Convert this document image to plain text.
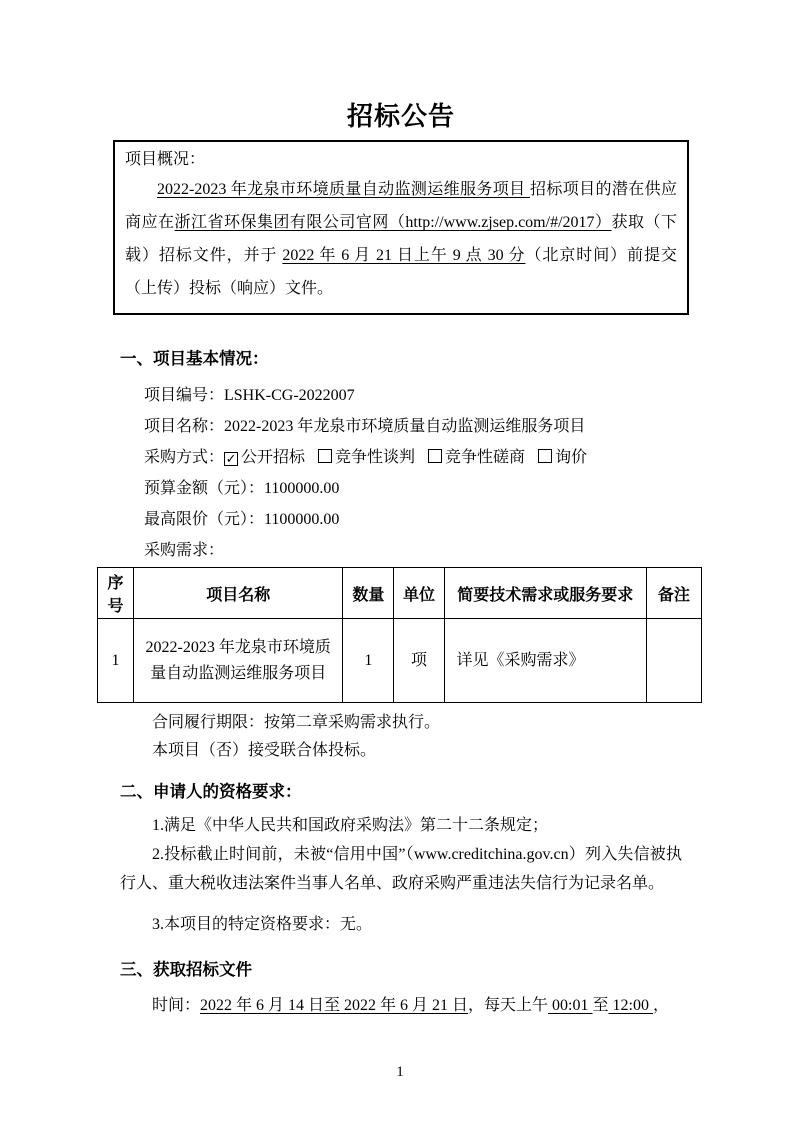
招标公告
项目概况：

2022-2023 年龙泉市环境质量自动监测运维服务项目 招标项目的潜在供应商应在浙江省环保集团有限公司官网（http://www.zjsep.com/#/2017）获取（下载）招标文件，并于 2022 年 6 月 21 日上午 9 点 30 分（北京时间）前提交（上传）投标（响应）文件。

一、项目基本情况：
项目编号：LSHK-CG-2022007
项目名称：2022-2023 年龙泉市环境质量自动监测运维服务项目
采购方式： ✓ 公开招标 竞争性谈判 竞争性磋商 询价
预算金额（元）：1100000.00
最高限价（元）：1100000.00
采购需求：
序号	项目名称	数量	单位	简要技术需求或服务要求	备注
1	2022-2023 年龙泉市环境质量自动监测运维服务项目	1	项	详见《采购需求》	
合同履行期限：按第二章采购需求执行。
本项目（否）接受联合体投标。
二、申请人的资格要求：

1.满足《中华人民共和国政府采购法》第二十二条规定；

2.投标截止时间前，未被“信用中国”（www.creditchina.gov.cn）列入失信被执行人、重大税收违法案件当事人名单、政府采购严重违法失信行为记录名单。

3.本项目的特定资格要求：无。

三、获取招标文件

时间：2022 年 6 月 14 日至 2022 年 6 月 21 日，每天上午 00:01 至 12:00 ，

1
